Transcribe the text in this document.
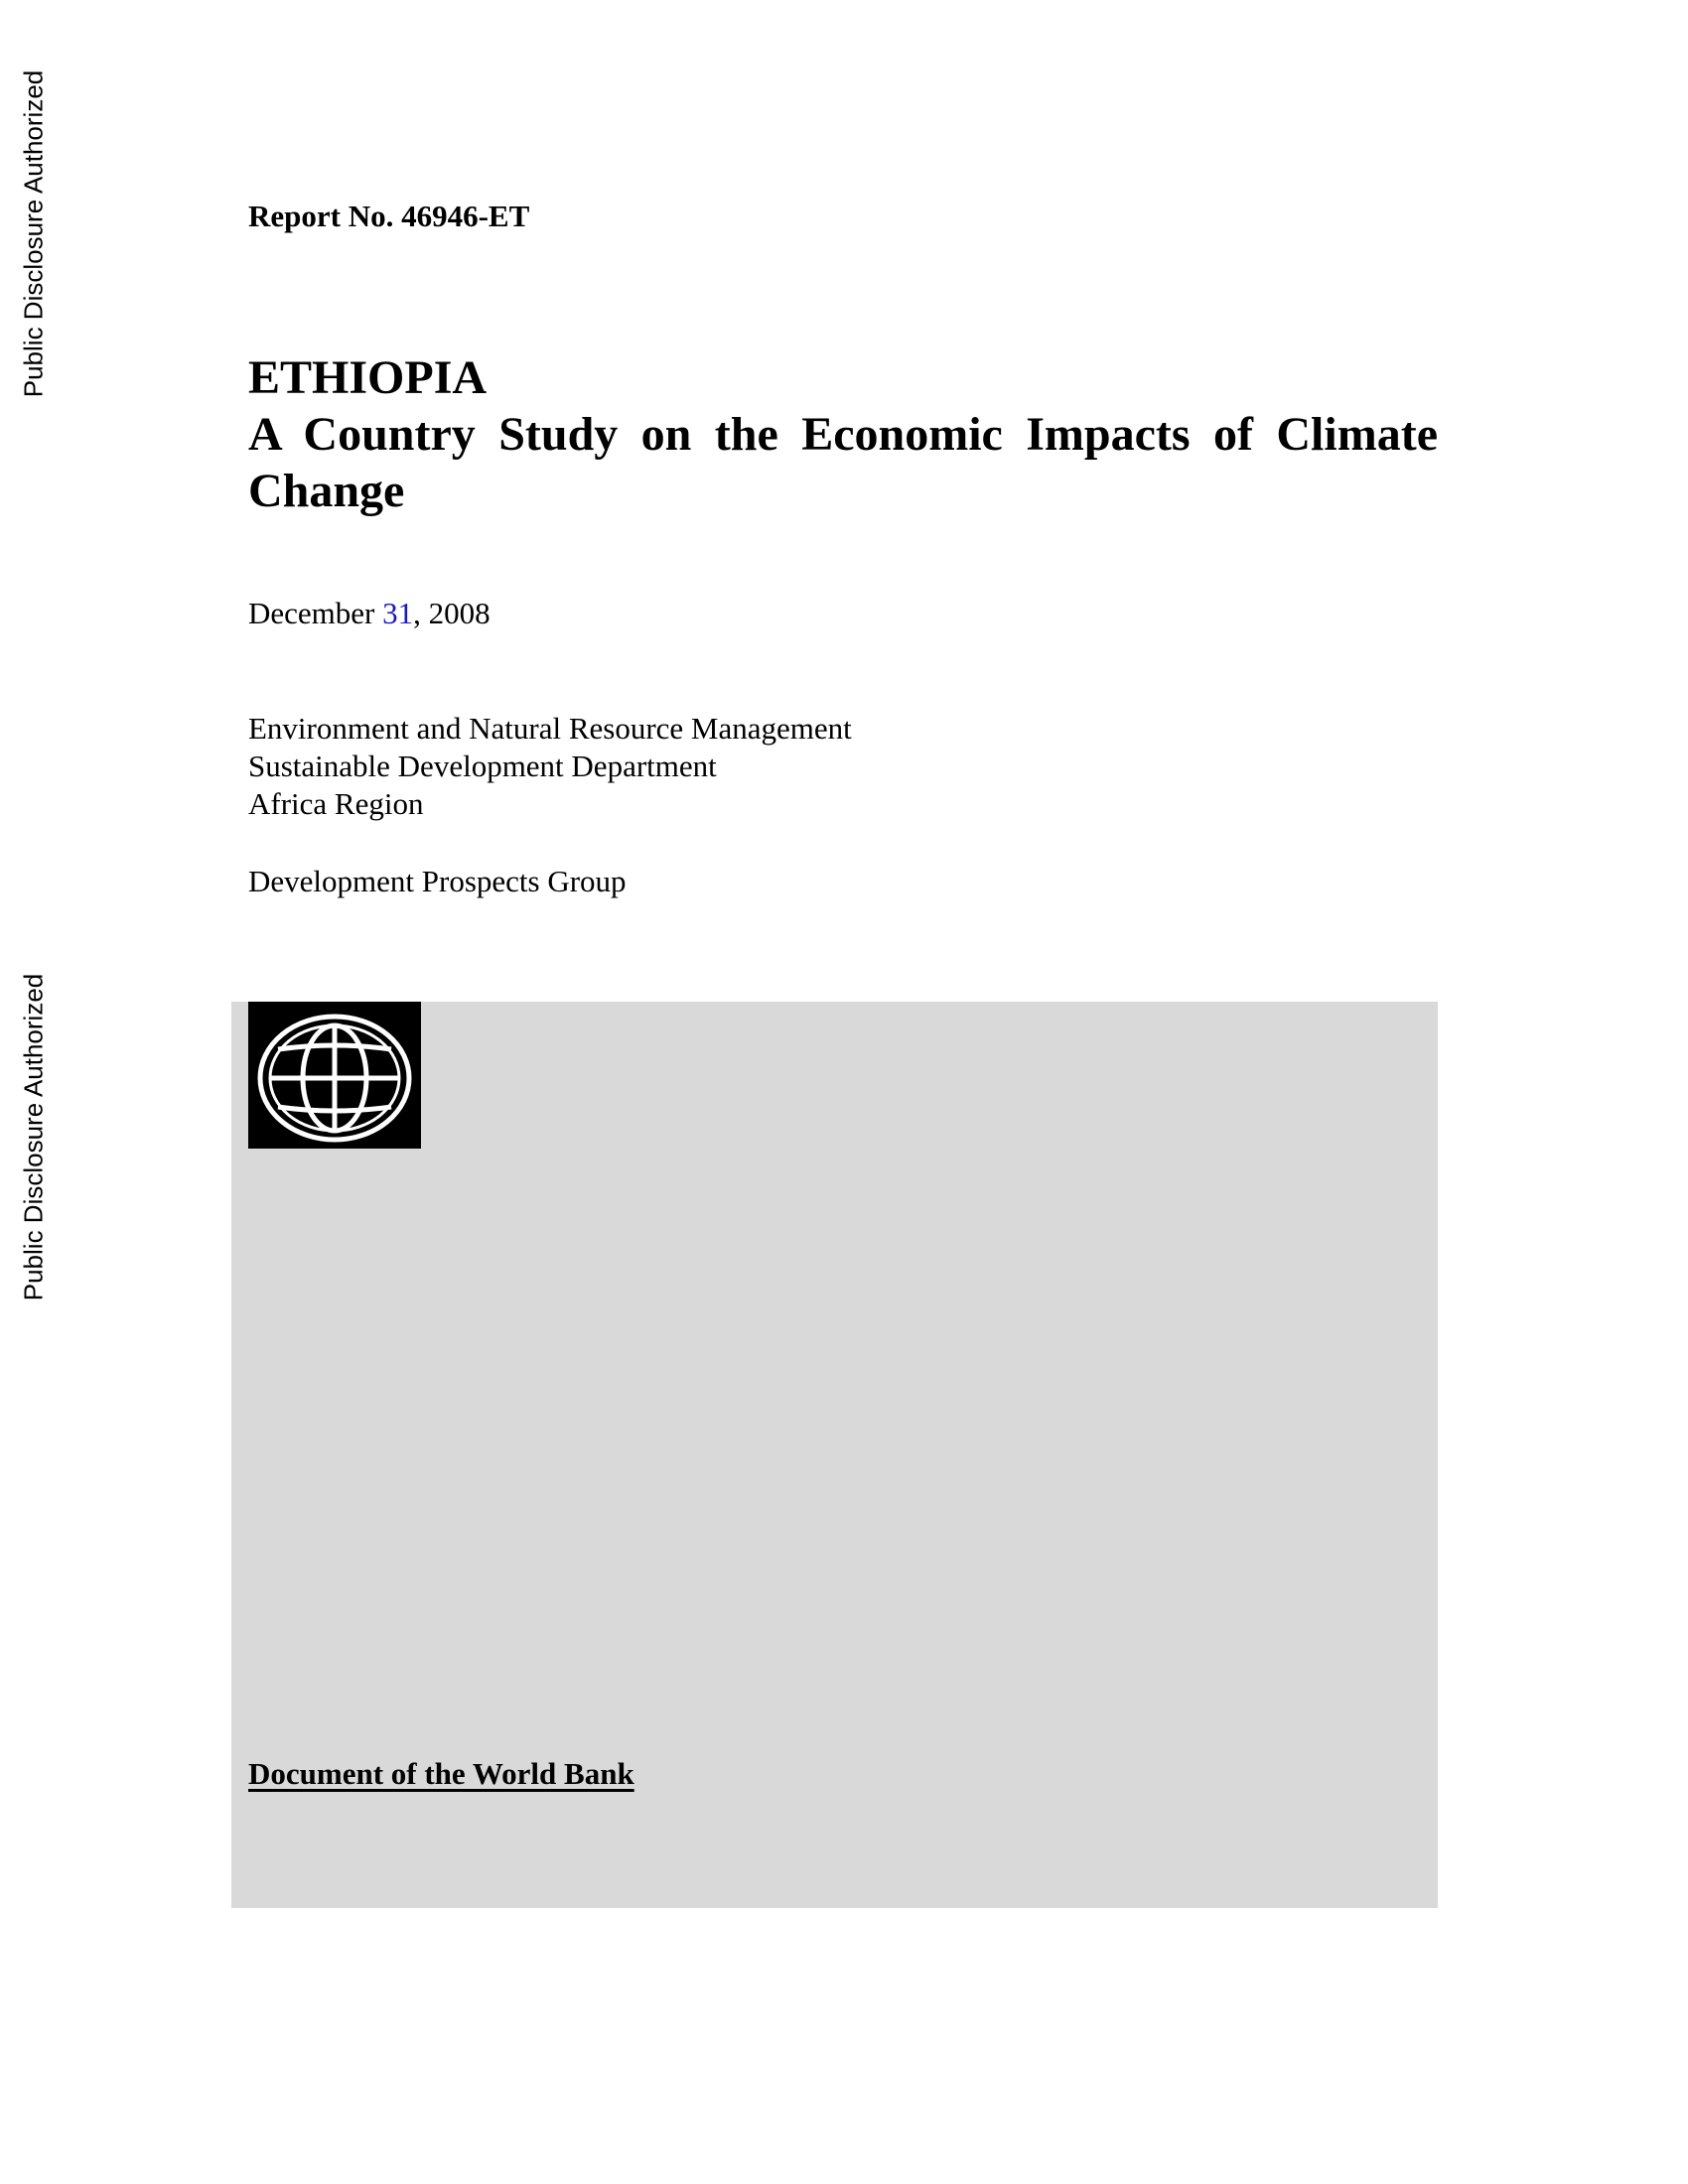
Public Disclosure Authorized
Public Disclosure Authorized
Report No. 46946-ET
ETHIOPIA
A Country Study on the Economic Impacts of Climate Change
December 31, 2008
Environment and Natural Resource Management
Sustainable Development Department
Africa Region
Development Prospects Group
Document of the World Bank
